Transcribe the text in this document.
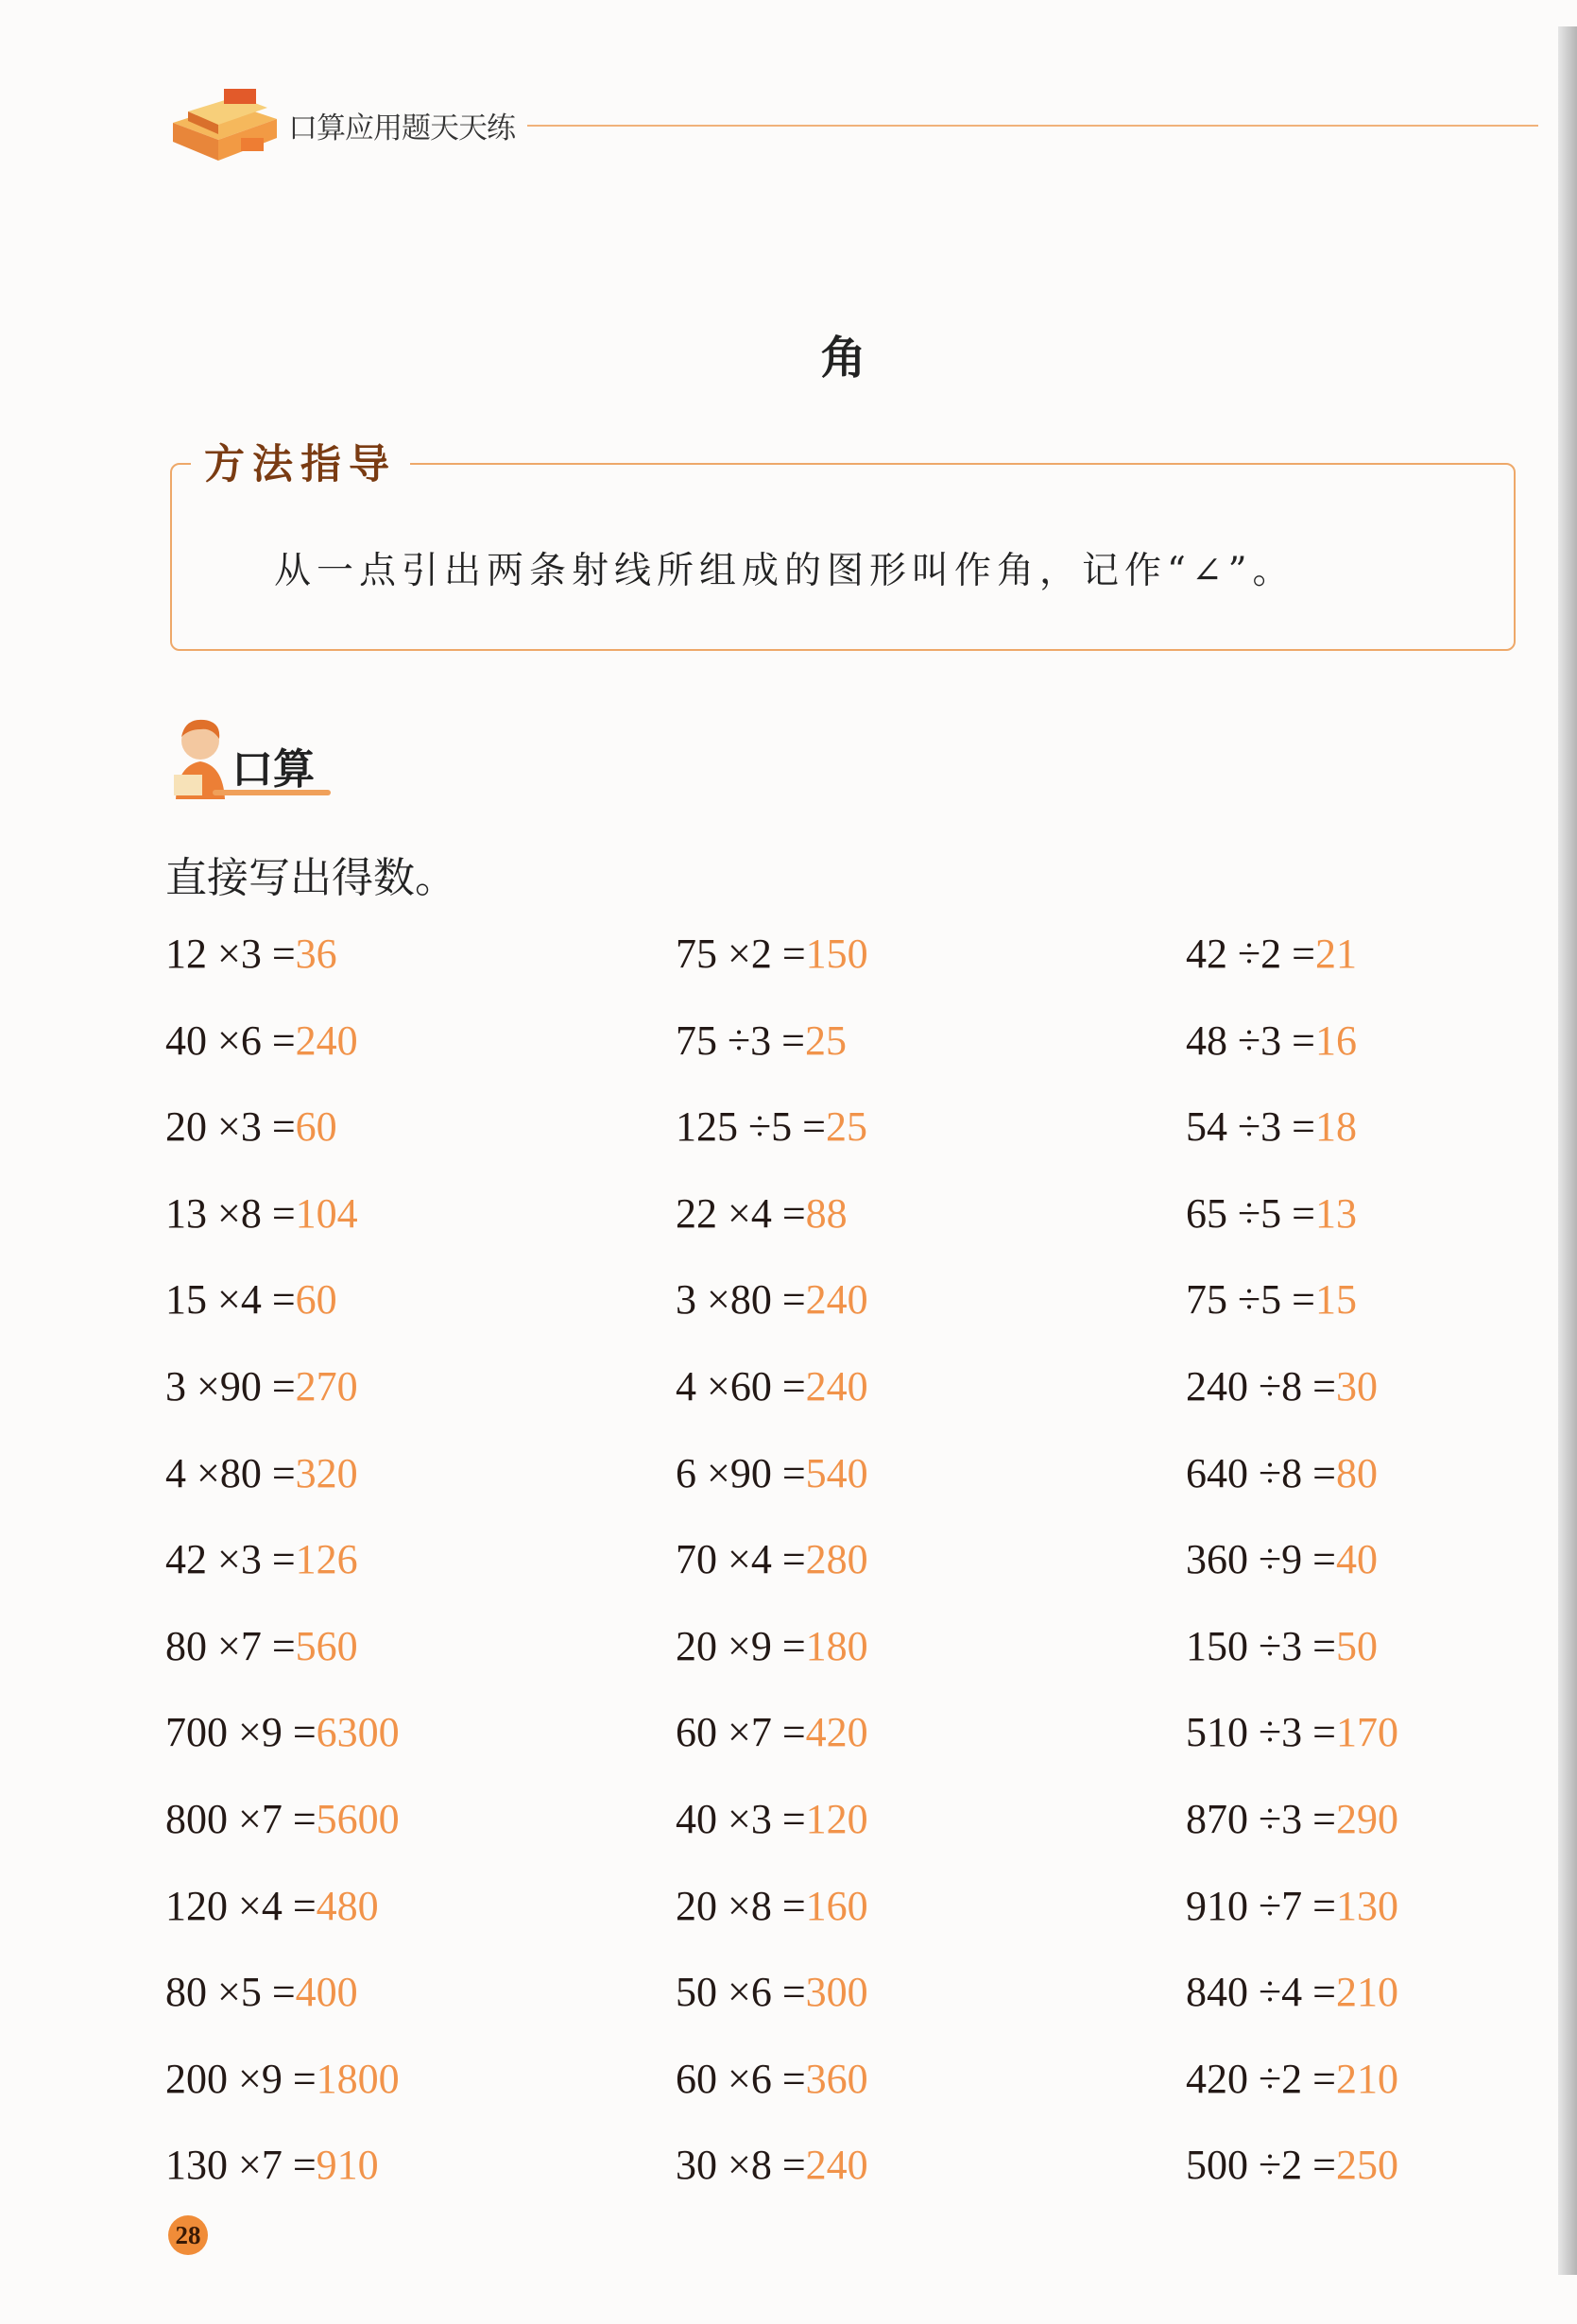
口算应用题天天练
角
方法指导
从一点引出两条射线所组成的图形叫作角，记作“∠”。
口算
直接写出得数。
12 ×3 =36
40 ×6 =240
20 ×3 =60
13 ×8 =104
15 ×4 =60
3 ×90 =270
4 ×80 =320
42 ×3 =126
80 ×7 =560
700 ×9 =6300
800 ×7 =5600
120 ×4 =480
80 ×5 =400
200 ×9 =1800
130 ×7 =910
75 ×2 =150
75 ÷3 =25
125 ÷5 =25
22 ×4 =88
3 ×80 =240
4 ×60 =240
6 ×90 =540
70 ×4 =280
20 ×9 =180
60 ×7 =420
40 ×3 =120
20 ×8 =160
50 ×6 =300
60 ×6 =360
30 ×8 =240
42 ÷2 =21
48 ÷3 =16
54 ÷3 =18
65 ÷5 =13
75 ÷5 =15
240 ÷8 =30
640 ÷8 =80
360 ÷9 =40
150 ÷3 =50
510 ÷3 =170
870 ÷3 =290
910 ÷7 =130
840 ÷4 =210
420 ÷2 =210
500 ÷2 =250
28
